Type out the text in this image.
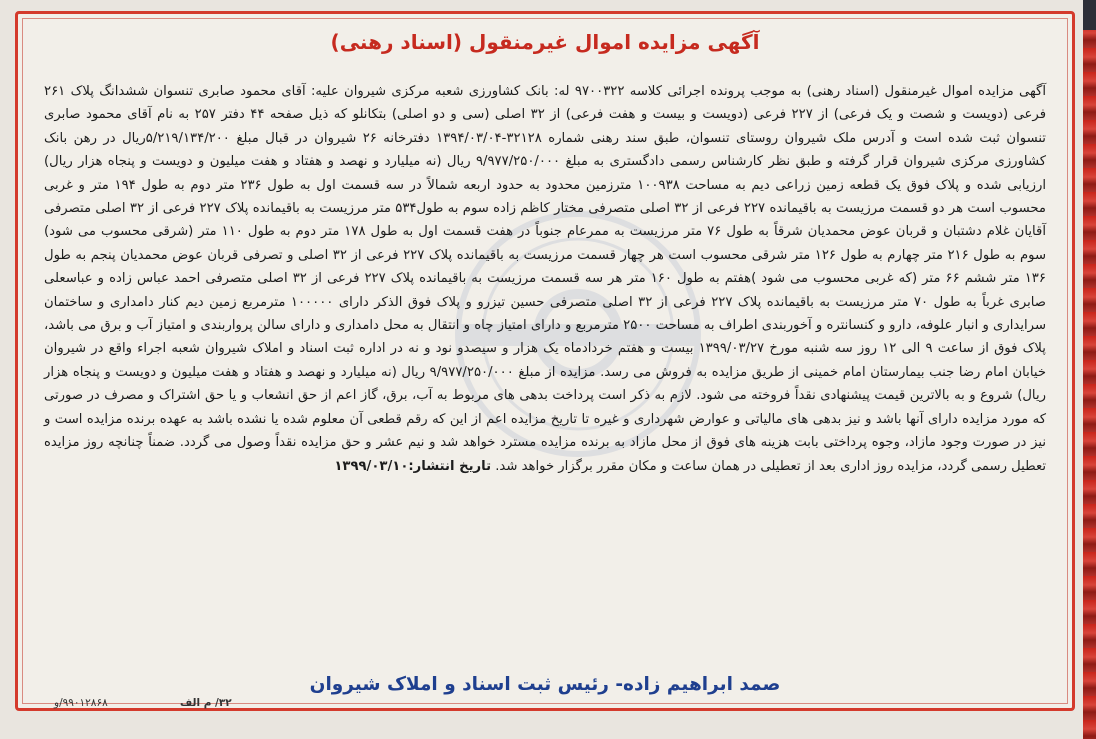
آگهی مزایده اموال غیرمنقول (اسناد رهنی)
آگهی مزایده اموال غیرمنقول (اسناد رهنی) به موجب پرونده اجرائی کلاسه ۹۷۰۰۳۲۲ له: بانک کشاورزی شعبه مرکزی شیروان علیه: آقای محمود صابری تنسوان ششدانگ پلاک ۲۶۱ فرعی (دویست و شصت و یک فرعی) از ۲۲۷ فرعی (دویست و بیست و هفت فرعی) از ۳۲ اصلی (سی و دو اصلی) بتکانلو که ذیل صفحه ۴۴ دفتر ۲۵۷ به نام آقای محمود صابری تنسوان ثبت شده است و آدرس ملک شیروان روستای تنسوان، طبق سند رهنی شماره ۳۲۱۲۸-۱۳۹۴/۰۳/۰۴ دفترخانه ۲۶ شیروان در قبال مبلغ ۵/۲۱۹/۱۳۴/۲۰۰ریال در رهن بانک کشاورزی مرکزی شیروان قرار گرفته و طبق نظر کارشناس رسمی دادگستری به مبلغ ۹/۹۷۷/۲۵۰/۰۰۰ ریال (نه میلیارد و نهصد و هفتاد و هفت میلیون و دویست و پنجاه هزار ریال) ارزیابی شده و پلاک فوق یک قطعه زمین زراعی دیم به مساحت ۱۰۰۹۳۸ مترزمین محدود به حدود اربعه شمالاً در سه قسمت اول به طول ۲۳۶ متر دوم به طول ۱۹۴ متر و غربی محسوب است هر دو قسمت مرزیست به باقیمانده ۲۲۷ فرعی از ۳۲ اصلی متصرفی مختار کاظم زاده سوم به طول۵۳۴ متر مرزیست به باقیمانده پلاک ۲۲۷ فرعی از ۳۲ اصلی متصرفی آقایان غلام دشتبان و قربان عوض محمدیان شرقاً به طول ۷۶ متر مرزیست به ممرعام جنوباً در هفت قسمت اول به طول ۱۷۸ متر دوم به طول ۱۱۰ متر (شرقی محسوب می شود) سوم به طول ۲۱۶ متر چهارم به طول ۱۲۶ متر شرقی محسوب است هر چهار قسمت مرزیست به باقیمانده پلاک ۲۲۷ فرعی از ۳۲ اصلی و تصرفی قربان عوض محمدیان پنجم به طول ۱۳۶ متر ششم ۶۶ متر (که غربی محسوب می شود )هفتم به طول ۱۶۰ متر هر سه قسمت مرزیست به باقیمانده پلاک ۲۲۷ فرعی از ۳۲ اصلی متصرفی احمد عباس زاده و عباسعلی صابری غرباً به طول ۷۰ متر مرزیست به باقیمانده پلاک ۲۲۷ فرعی از ۳۲ اصلی متصرفی حسین تیزرو و پلاک فوق الذکر دارای ۱۰۰۰۰۰ مترمربع زمین دیم کنار دامداری و ساختمان سرایداری و انبار علوفه، دارو و کنسانتره و آخوربندی اطراف به مساحت ۲۵۰۰ مترمربع و دارای امتیاز چاه و انتقال به محل دامداری و دارای سالن پرواربندی و امتیاز آب و برق می باشد، پلاک فوق از ساعت ۹ الی ۱۲ روز سه شنبه مورخ ۱۳۹۹/۰۳/۲۷ بیست و هفتم خردادماه یک هزار و سیصدو نود و نه در اداره ثبت اسناد و املاک شیروان شعبه اجراء واقع در شیروان خیابان امام رضا جنب بیمارستان امام خمینی از طریق مزایده به فروش می رسد. مزایده از مبلغ ۹/۹۷۷/۲۵۰/۰۰۰ ریال (نه میلیارد و نهصد و هفتاد و هفت میلیون و دویست و پنجاه هزار ریال) شروع و به بالاترین قیمت پیشنهادی نقداً فروخته می شود. لازم به ذکر است پرداخت بدهی های مربوط به آب، برق، گاز اعم از حق انشعاب و یا حق اشتراک و مصرف در صورتی که مورد مزایده دارای آنها باشد و نیز بدهی های مالیاتی و عوارض شهرداری و غیره تا تاریخ مزایده اعم از این که رقم قطعی آن معلوم شده یا نشده باشد به عهده برنده مزایده است و نیز در صورت وجود مازاد، وجوه پرداختی بابت هزینه های فوق از محل مازاد به برنده مزایده مسترد خواهد شد و نیم عشر و حق مزایده نقداً وصول می گردد. ضمناً چنانچه روز مزایده تعطیل رسمی گردد، مزایده روز اداری بعد از تعطیلی در همان ساعت و مکان مقرر برگزار خواهد شد. تاریخ انتشار:۱۳۹۹/۰۳/۱۰
صمد ابراهیم زاده- رئیس ثبت اسناد و املاک شیروان
۳۲/ م الف
۹۹۰۱۲۸۶۸/و
